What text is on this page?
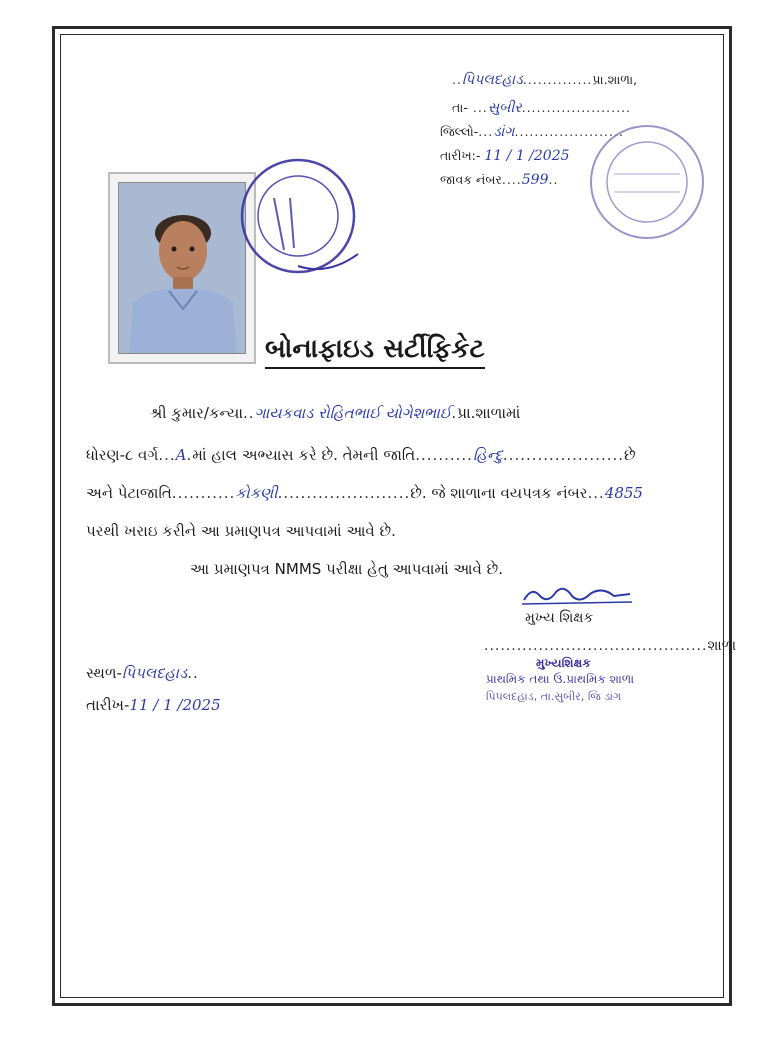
..પિપલદહાડ..............પ્રા.શાળા,
તા- ...સુબીર......................
જિલ્લો-...ડાંગ......................
તારીખ:- 11 / 1 /2025
જાવક નંબર....599..
બોનાફાઇડ સર્ટીફિકેટ
શ્રી કુમાર/કન્યા..ગાયકવાડ રોહિતભાઈ યોગેશભાઈ.પ્રા.શાળામાં
ધોરણ-૮ વર્ગ...A.માં હાલ અભ્યાસ કરે છે. તેમની જાતિ..........હિન્દુ.....................છે
અને પેટાજાતિ...........કોકણી.......................છે. જે શાળાના વયપત્રક નંબર...4855
પરથી ખરાઇ કરીને આ પ્રમાણપત્ર આપવામાં આવે છે.
આ પ્રમાણપત્ર NMMS પરીક્ષા હેતુ આપવામાં આવે છે.
મુખ્ય શિક્ષક
.........................................શાળા
મુખ્યશિક્ષક
પ્રાથમિક તથા ઉ.પ્રાથમિક શાળા
પિપલદહાડ, તા.સુબીર, જિ ડાંગ
સ્થળ-પિપલદહાડ..
તારીખ-11 / 1 /2025
